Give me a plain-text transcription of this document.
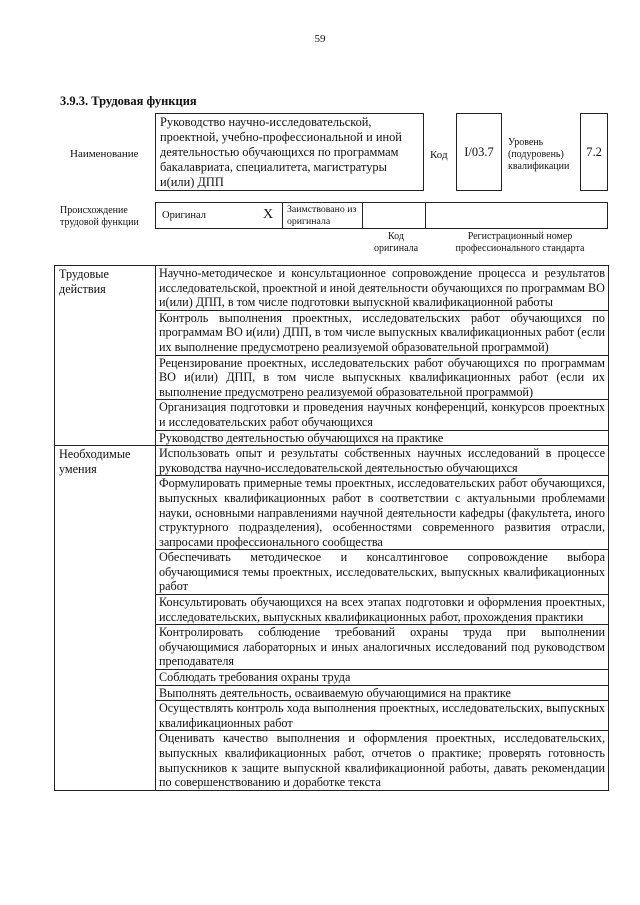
59
3.9.3. Трудовая функция
Наименование
Руководство научно-исследовательской, проектной, учебно-профессиональной и иной деятельностью обучающихся по программам бакалавриата, специалитета, магистратуры и(или) ДПП
Код I/03.7
Уровень (подуровень) квалификации
7.2
Происхождение трудовой функции
Оригинал	X Заимствовано из оригинала
Код оригинала
Регистрационный номер профессионального стандарта
Трудовые действия	Научно-методическое и консультационное сопровождение процесса и результатов исследовательской, проектной и иной деятельности обучающихся по программам ВО и(или) ДПП, в том числе подготовки выпускной квалификационной работы
	Контроль выполнения проектных, исследовательских работ обучающихся по программам ВО и(или) ДПП, в том числе выпускных квалификационных работ (если их выполнение предусмотрено реализуемой образовательной программой)
	Рецензирование проектных, исследовательских работ обучающихся по программам ВО и(или) ДПП, в том числе выпускных квалификационных работ (если их выполнение предусмотрено реализуемой образовательной программой)
	Организация подготовки и проведения научных конференций, конкурсов проектных и исследовательских работ обучающихся
	Руководство деятельностью обучающихся на практике
Необходимые умения	Использовать опыт и результаты собственных научных исследований в процессе руководства научно-исследовательской деятельностью обучающихся
	Формулировать примерные темы проектных, исследовательских работ обучающихся, выпускных квалификационных работ в соответствии с актуальными проблемами науки, основными направлениями научной деятельности кафедры (факультета, иного структурного подразделения), особенностями современного развития отрасли, запросами профессионального сообщества
	Обеспечивать методическое и консалтинговое сопровождение выбора обучающимися темы проектных, исследовательских, выпускных квалификационных работ
	Консультировать обучающихся на всех этапах подготовки и оформления проектных, исследовательских, выпускных квалификационных работ, прохождения практики
	Контролировать соблюдение требований охраны труда при выполнении обучающимися лабораторных и иных аналогичных исследований под руководством преподавателя
	Соблюдать требования охраны труда
	Выполнять деятельность, осваиваемую обучающимися на практике
	Осуществлять контроль хода выполнения проектных, исследовательских, выпускных квалификационных работ
	Оценивать качество выполнения и оформления проектных, исследовательских, выпускных квалификационных работ, отчетов о практике; проверять готовность выпускников к защите выпускной квалификационной работы, давать рекомендации по совершенствованию и доработке текста
